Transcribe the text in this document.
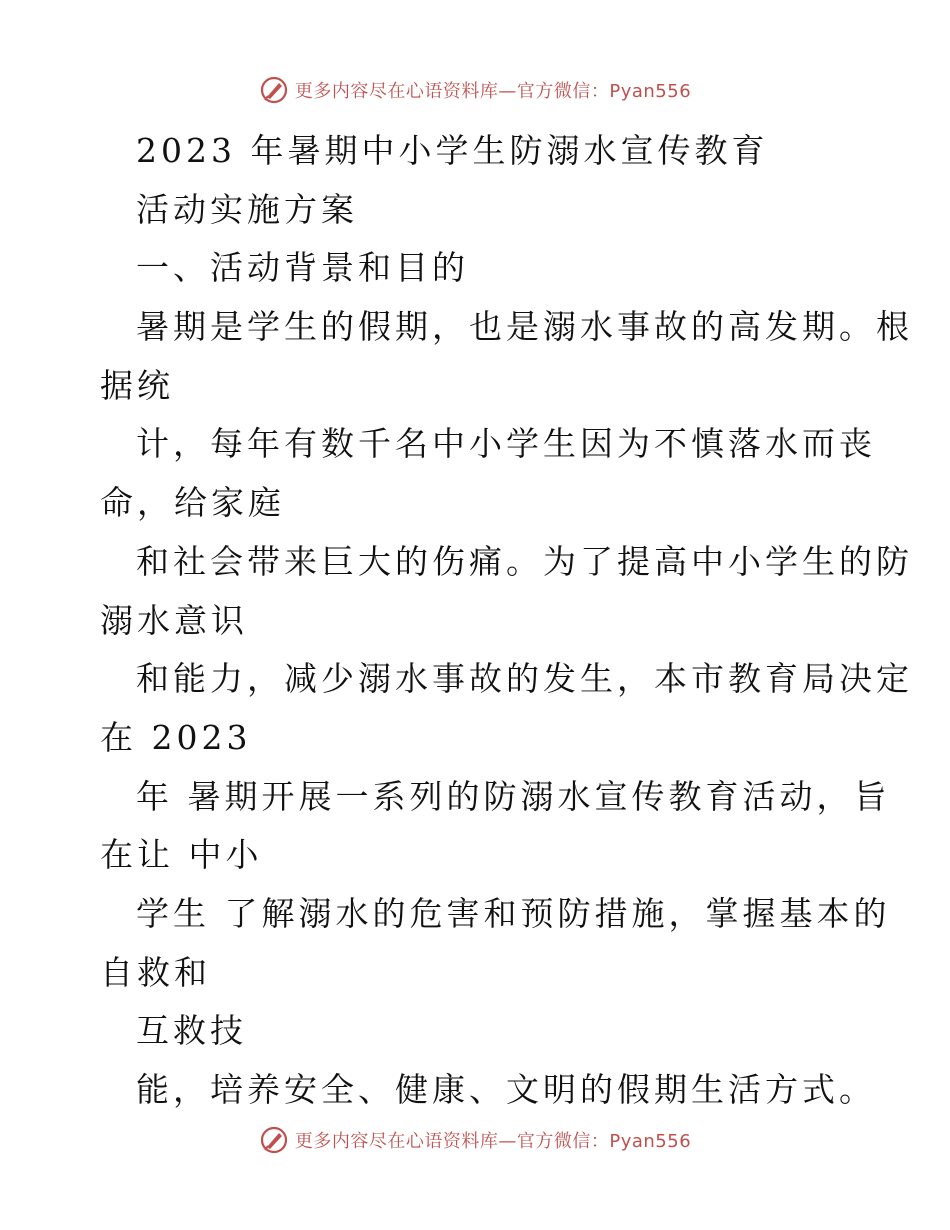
更多内容尽在心语资料库—官方微信：Pyan556
2023 年暑期中小学生防溺水宣传教育
活动实施方案
一、活动背景和目的
暑期是学生的假期，也是溺水事故的高发期。根
据统
计，每年有数千名中小学生因为不慎落水而丧
命，给家庭
和社会带来巨大的伤痛。为了提高中小学生的防
溺水意识
和能力，减少溺水事故的发生，本市教育局决定
在 2023
年 暑期开展一系列的防溺水宣传教育活动，旨
在让 中小
学生 了解溺水的危害和预防措施，掌握基本的
自救和
互救技
能，培养安全、健康、文明的假期生活方式。
更多内容尽在心语资料库—官方微信：Pyan556
